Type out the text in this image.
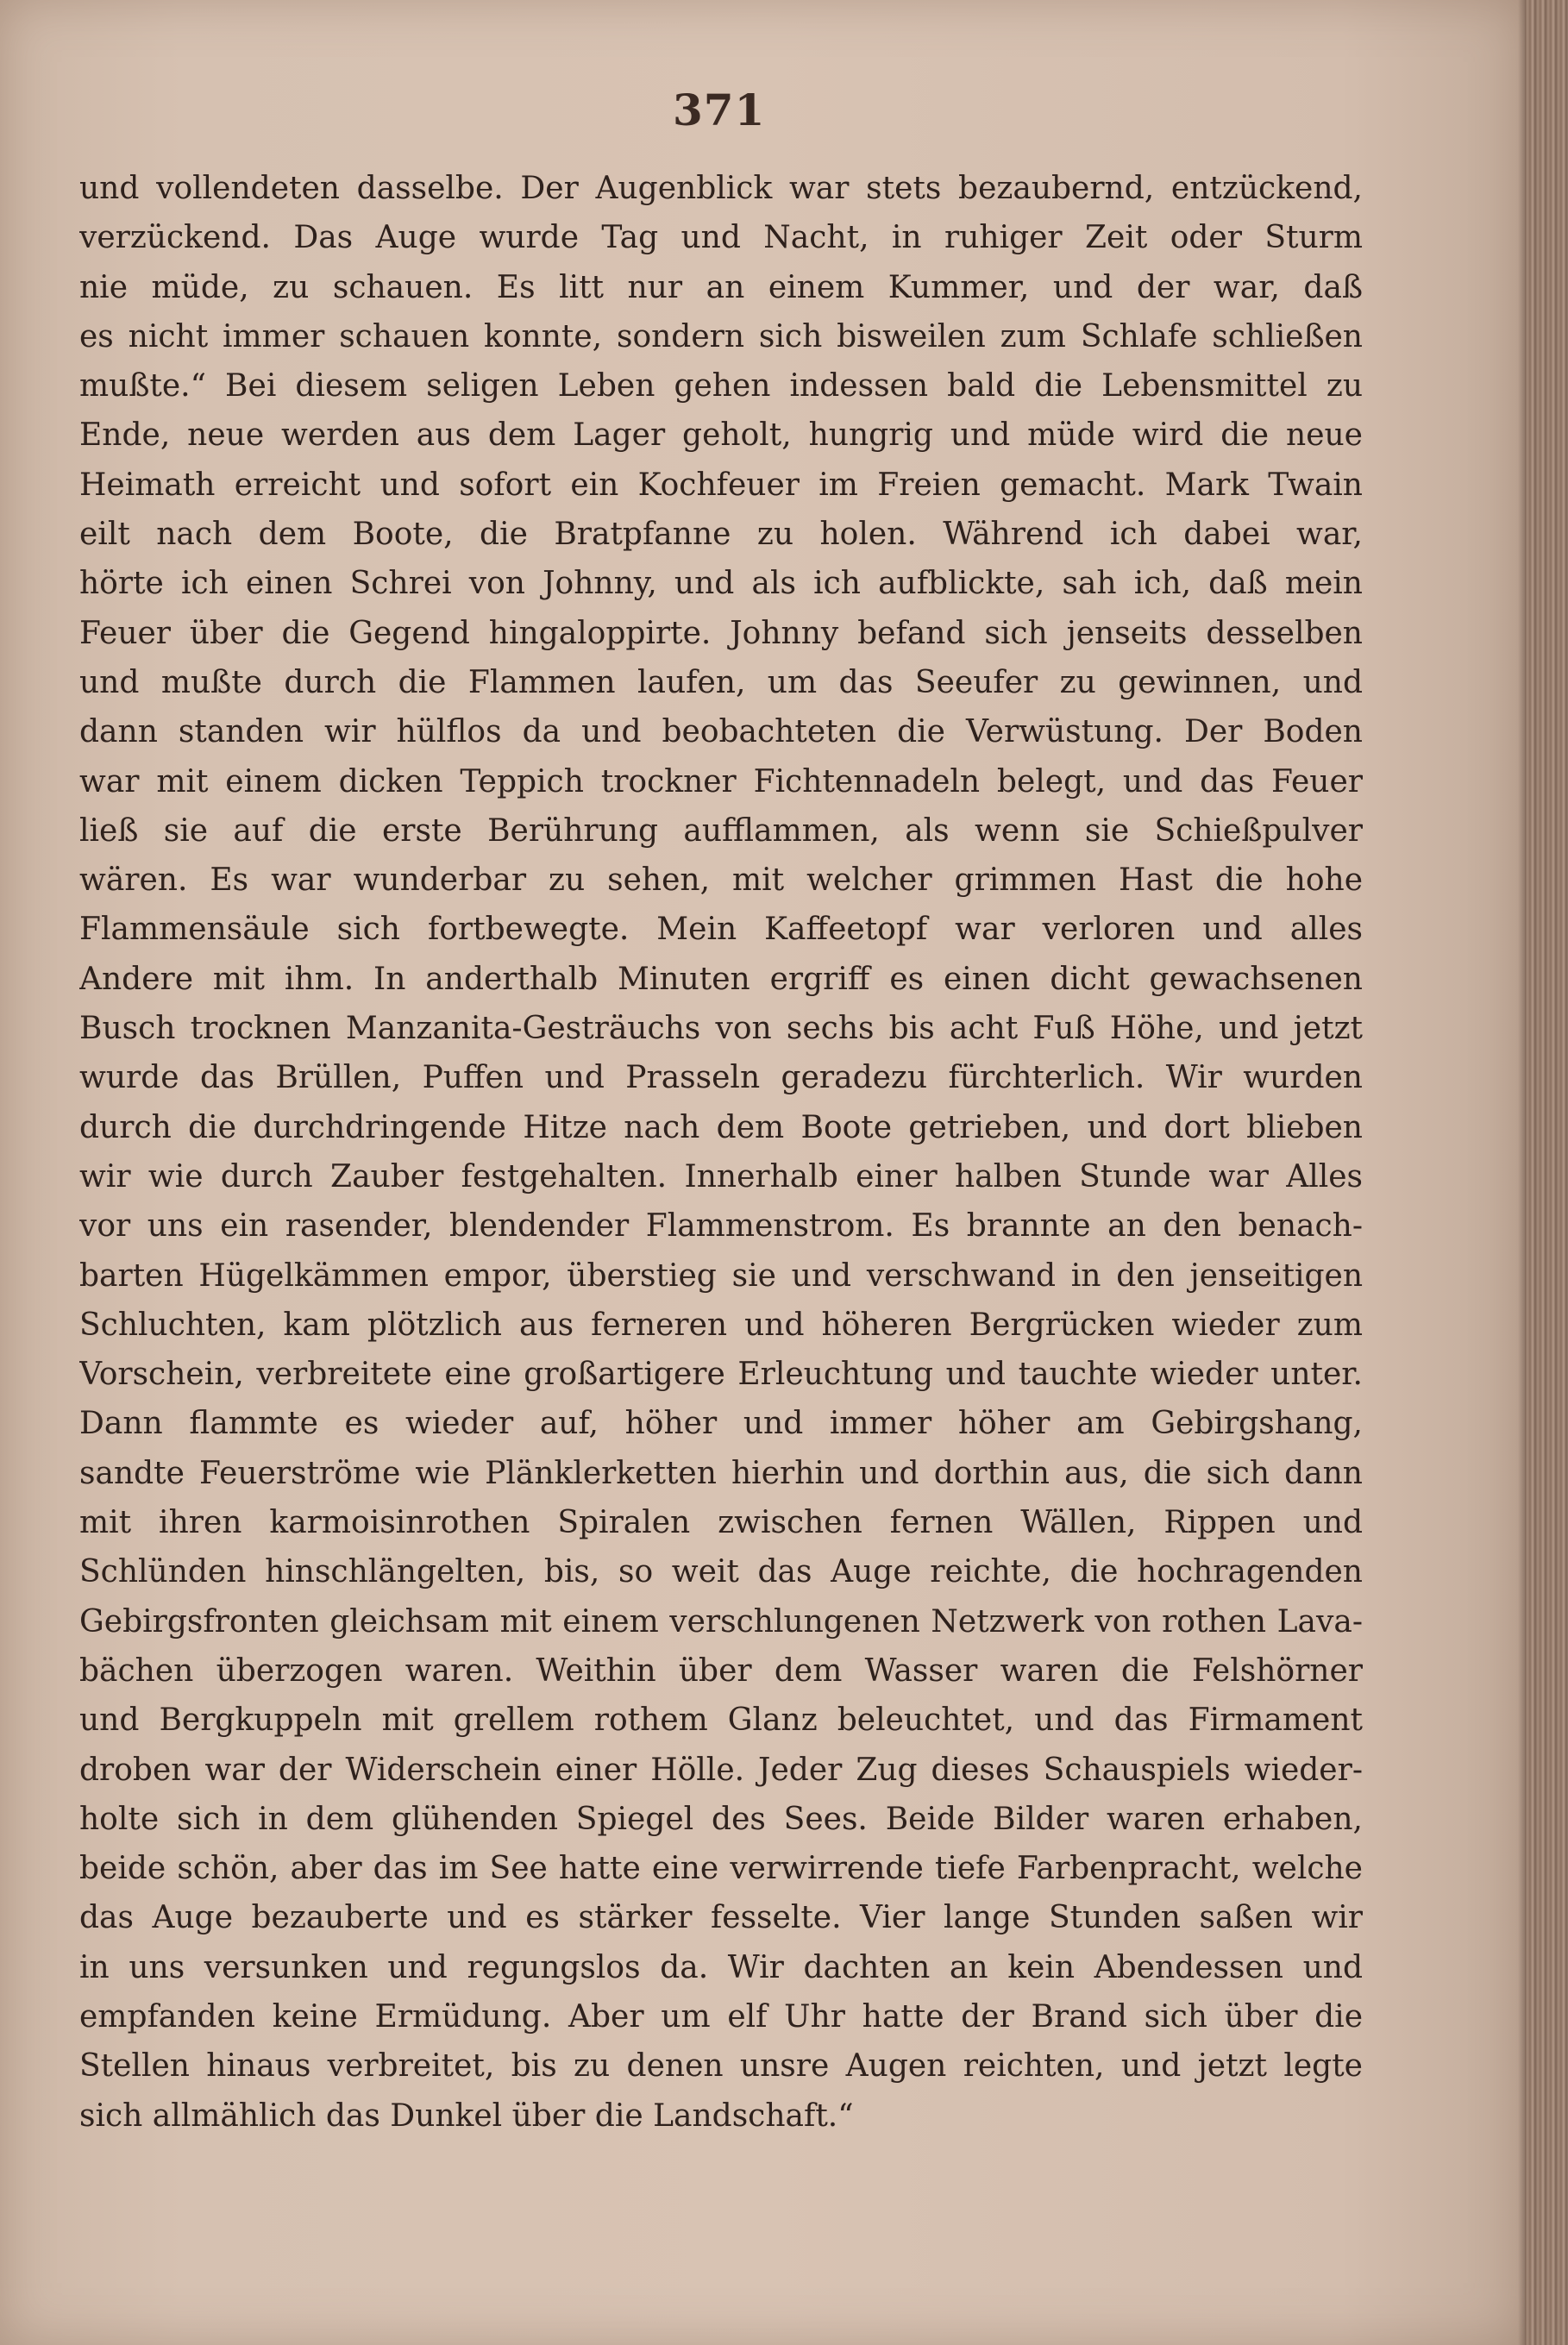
371
und vollendeten dasselbe. Der Augenblick war stets bezaubernd, entzückend,
verzückend. Das Auge wurde Tag und Nacht, in ruhiger Zeit oder Sturm
nie müde, zu schauen. Es litt nur an einem Kummer, und der war, daß
es nicht immer schauen konnte, sondern sich bisweilen zum Schlafe schließen
mußte.“ Bei diesem seligen Leben gehen indessen bald die Lebensmittel zu
Ende, neue werden aus dem Lager geholt, hungrig und müde wird die neue
Heimath erreicht und sofort ein Kochfeuer im Freien gemacht. Mark Twain
eilt nach dem Boote, die Bratpfanne zu holen. Während ich dabei war,
hörte ich einen Schrei von Johnny, und als ich aufblickte, sah ich, daß mein
Feuer über die Gegend hingaloppirte. Johnny befand sich jenseits desselben
und mußte durch die Flammen laufen, um das Seeufer zu gewinnen, und
dann standen wir hülflos da und beobachteten die Verwüstung. Der Boden
war mit einem dicken Teppich trockner Fichtennadeln belegt, und das Feuer
ließ sie auf die erste Berührung aufflammen, als wenn sie Schießpulver
wären. Es war wunderbar zu sehen, mit welcher grimmen Hast die hohe
Flammensäule sich fortbewegte. Mein Kaffeetopf war verloren und alles
Andere mit ihm. In anderthalb Minuten ergriff es einen dicht gewachsenen
Busch trocknen Manzanita-Gesträuchs von sechs bis acht Fuß Höhe, und jetzt
wurde das Brüllen, Puffen und Prasseln geradezu fürchterlich. Wir wurden
durch die durchdringende Hitze nach dem Boote getrieben, und dort blieben
wir wie durch Zauber festgehalten. Innerhalb einer halben Stunde war Alles
vor uns ein rasender, blendender Flammenstrom. Es brannte an den benach-
barten Hügelkämmen empor, überstieg sie und verschwand in den jenseitigen
Schluchten, kam plötzlich aus ferneren und höheren Bergrücken wieder zum
Vorschein, verbreitete eine großartigere Erleuchtung und tauchte wieder unter.
Dann flammte es wieder auf, höher und immer höher am Gebirgshang,
sandte Feuerströme wie Plänklerketten hierhin und dorthin aus, die sich dann
mit ihren karmoisinrothen Spiralen zwischen fernen Wällen, Rippen und
Schlünden hinschlängelten, bis, so weit das Auge reichte, die hochragenden
Gebirgsfronten gleichsam mit einem verschlungenen Netzwerk von rothen Lava-
bächen überzogen waren. Weithin über dem Wasser waren die Felshörner
und Bergkuppeln mit grellem rothem Glanz beleuchtet, und das Firmament
droben war der Widerschein einer Hölle. Jeder Zug dieses Schauspiels wieder-
holte sich in dem glühenden Spiegel des Sees. Beide Bilder waren erhaben,
beide schön, aber das im See hatte eine verwirrende tiefe Farbenpracht, welche
das Auge bezauberte und es stärker fesselte. Vier lange Stunden saßen wir
in uns versunken und regungslos da. Wir dachten an kein Abendessen und
empfanden keine Ermüdung. Aber um elf Uhr hatte der Brand sich über die
Stellen hinaus verbreitet, bis zu denen unsre Augen reichten, und jetzt legte
sich allmählich das Dunkel über die Landschaft.“
